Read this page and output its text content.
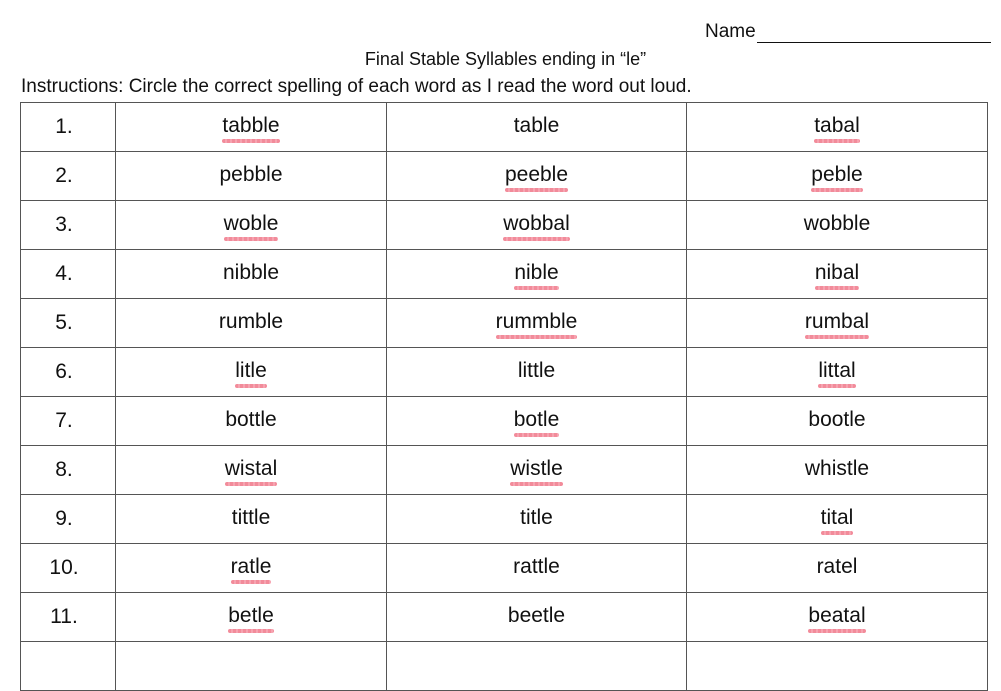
Name
Final Stable Syllables ending in “le”
Instructions: Circle the correct spelling of each word as I read the word out loud.
1.	tabble	table	tabal
2.	pebble	peeble	peble
3.	woble	wobbal	wobble
4.	nibble	nible	nibal
5.	rumble	rummble	rumbal
6.	litle	little	littal
7.	bottle	botle	bootle
8.	wistal	wistle	whistle
9.	tittle	title	tital
10.	ratle	rattle	ratel
11.	betle	beetle	beatal
